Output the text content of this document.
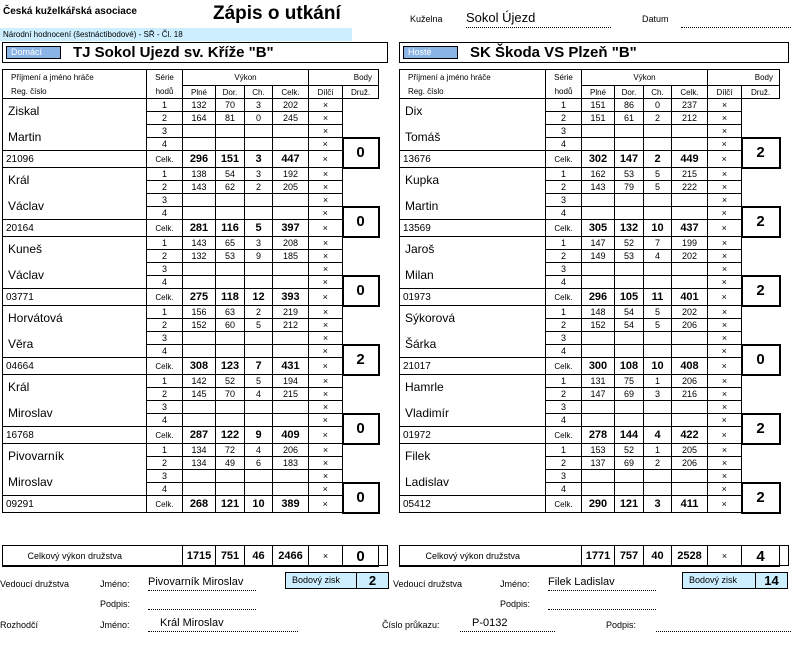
Česká kuželkářská asociace	Zápis o utkání
Národní hodnocení (šestnáctibodové) - SŘ - Čl. 18
Kuželna Sokol Újezd	Datum
Domácí	TJ Sokol Ujezd sv. Kříže "B"	Hosté	SK Škoda VS Plzeň "B"
Příjmení a jméno hráče	Série	Výkon				Body	
Reg. číslo	hodů	Plné	Dor.	Ch.	Celk.	Dílčí	Druž.
Ziskal	1	132	70	3	202	×	
	2	164	81	0	245	×	
Martin	3					×	
	4					×	0
21096	Celk.	296	151	3	447	×	
Král	1	138	54	3	192	×	
	2	143	62	2	205	×	
Václav	3					×	
	4					×	0
20164	Celk.	281	116	5	397	×	
Kuneš	1	143	65	3	208	×	
	2	132	53	9	185	×	
Václav	3					×	
	4					×	0
03771	Celk.	275	118	12	393	×	
Horvátová	1	156	63	2	219	×	
	2	152	60	5	212	×	
Věra	3					×	
	4					×	2
04664	Celk.	308	123	7	431	×	
Král	1	142	52	5	194	×	
	2	145	70	4	215	×	
Miroslav	3					×	
	4					×	0
16768	Celk.	287	122	9	409	×	
Pivovarník	1	134	72	4	206	×	
	2	134	49	6	183	×	
Miroslav	3					×	
	4					×	0
09291	Celk.	268	121	10	389	×	
Příjmení a jméno hráče	Série	Výkon				Body	
Reg. číslo	hodů	Plné	Dor.	Ch.	Celk.	Dílčí	Druž.
Dix	1	151	86	0	237	×	
	2	151	61	2	212	×	
Tomáš	3					×	
	4					×	2
13676	Celk.	302	147	2	449	×	
Kupka	1	162	53	5	215	×	
	2	143	79	5	222	×	
Martin	3					×	
	4					×	2
13569	Celk.	305	132	10	437	×	
Jaroš	1	147	52	7	199	×	
	2	149	53	4	202	×	
Milan	3					×	
	4					×	2
01973	Celk.	296	105	11	401	×	
Sýkorová	1	148	54	5	202	×	
	2	152	54	5	206	×	
Šárka	3					×	
	4					×	0
21017	Celk.	300	108	10	408	×	
Hamrle	1	131	75	1	206	×	
	2	147	69	3	216	×	
Vladimír	3					×	
	4					×	2
01972	Celk.	278	144	4	422	×	
Filek	1	153	52	1	205	×	
	2	137	69	2	206	×	
Ladislav	3					×	
	4					×	2
05412	Celk.	290	121	3	411	×	
Celkový výkon družstva		1715	751	46	2466	×	0	Celkový výkon družstva		1771	757	40	2528	×	4
Vedoucí družstva	Jméno: Pivovarník Miroslav	Bodový zisk	2
Podpis:
Vedoucí družstva	Jméno: Filek Ladislav	Bodový zisk	14
Podpis:
Rozhodčí	Jméno:	Král Miroslav	Číslo průkazu:	P-0132	Podpis:
